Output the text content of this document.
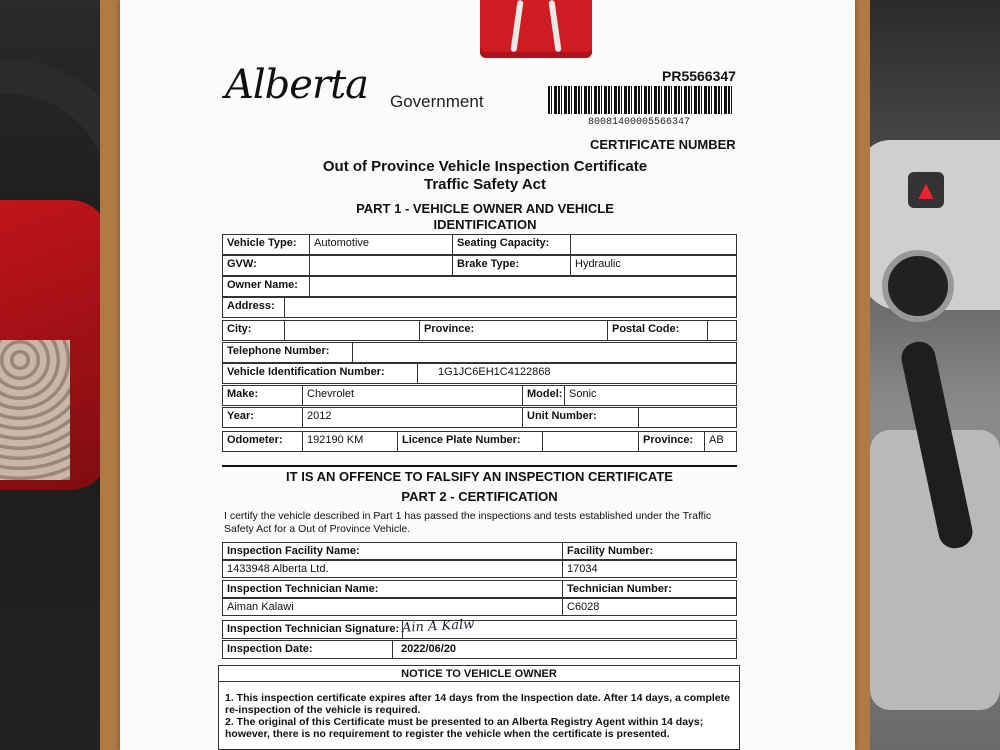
▲
Alberta Government
PR5566347
80081400005566347
CERTIFICATE NUMBER
Out of Province Vehicle Inspection Certificate
Traffic Safety Act
PART 1 - VEHICLE OWNER AND VEHICLE
IDENTIFICATION
Vehicle Type:	Automotive	Seating Capacity:
GVW:	Brake Type:	Hydraulic
Owner Name:
Address:
City:	Province:	Postal Code:
Telephone Number:
Vehicle Identification Number:	1G1JC6EH1C4122868
Make:	Chevrolet	Model: Sonic
Year:	2012	Unit Number:
Odometer:	192190 KM	Licence Plate Number:	Province:	AB
IT IS AN OFFENCE TO FALSIFY AN INSPECTION CERTIFICATE
PART 2 - CERTIFICATION
I certify the vehicle described in Part 1 has passed the inspections and tests established under the Traffic Safety Act for a Out of Province Vehicle.
Inspection Facility Name:	Facility Number:
1433948 Alberta Ltd.	17034
Inspection Technician Name:	Technician Number:
Aiman Kalawi	C6028
Inspection Technician Signature: Ain A Kalw
Inspection Date:	2022/06/20
NOTICE TO VEHICLE OWNER
1. This inspection certificate expires after 14 days from the Inspection date. After 14 days, a complete re-inspection of the vehicle is required.
2. The original of this Certificate must be presented to an Alberta Registry Agent within 14 days; however, there is no requirement to register the vehicle when the certificate is presented.
